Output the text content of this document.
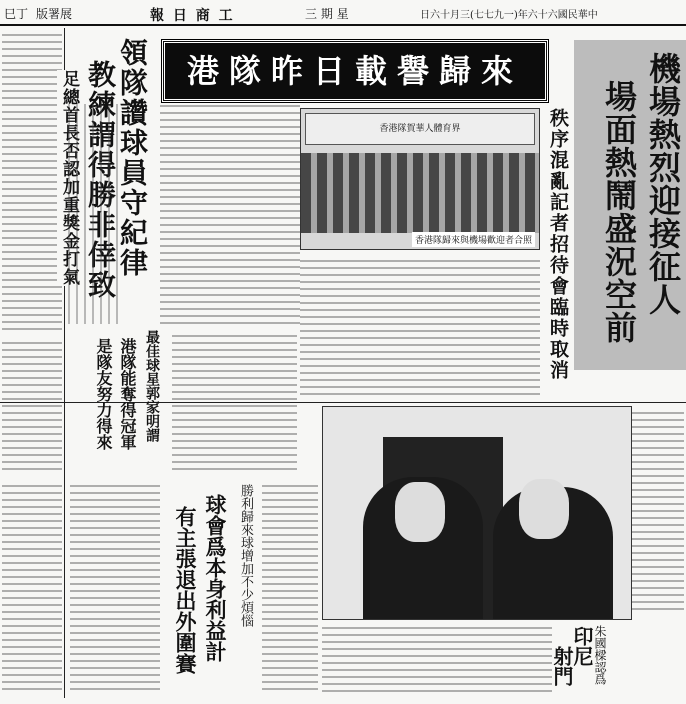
巳丁 版署展	報 日 商 工	三 期 星	日六十月三(七七九一)年六十六國民華中
領隊讚球員守紀律
教練謂得勝非倖致
足總首長否認加重獎金打氣	港隊昨日載譽歸來
香港隊賀華人體育界
香港隊歸來與機場歡迎者合照	機場熱烈迎接征人
場面熱鬧盛況空前
秩序混亂記者招待會臨時取消
最佳球星郭家明謂
港隊能奪得冠軍
是隊友努力得來
勝利歸來球增加不少煩惱
球會爲本身利益計
有主張退出外圍賽	朱國樑認爲
印尼
射門
